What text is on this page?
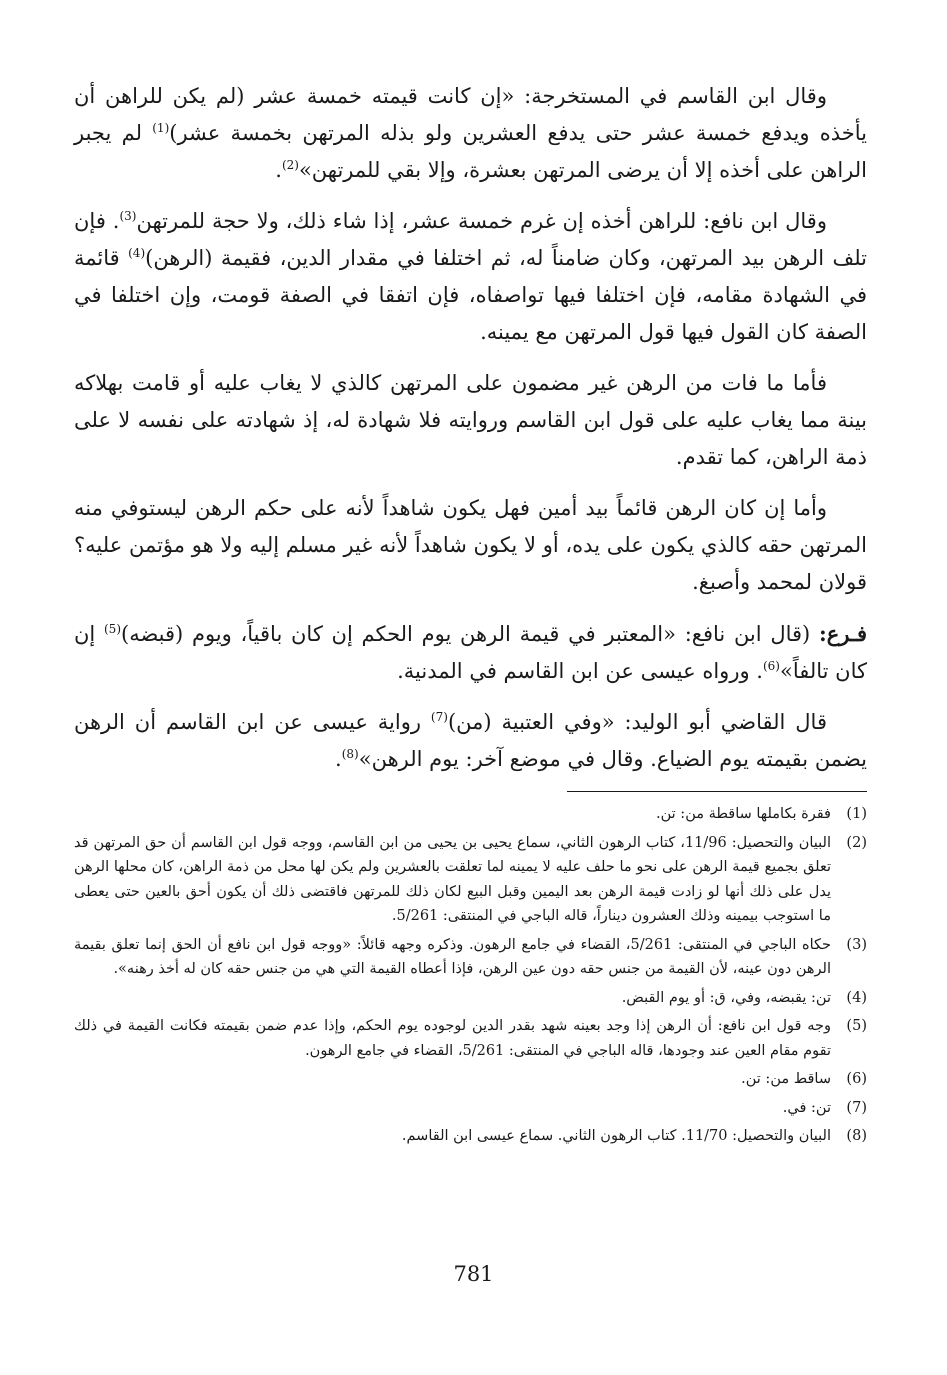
وقال ابن القاسم في المستخرجة: «إن كانت قيمته خمسة عشر (لم يكن للراهن أن يأخذه ويدفع خمسة عشر حتى يدفع العشرين ولو بذله المرتهن بخمسة عشر)$^{(1)}$ لم يجبر الراهن على أخذه إلا أن يرضى المرتهن بعشرة، وإلا بقي للمرتهن»$^{(2)}$.

وقال ابن نافع: للراهن أخذه إن غرم خمسة عشر، إذا شاء ذلك، ولا حجة للمرتهن$^{(3)}$. فإن تلف الرهن بيد المرتهن، وكان ضامناً له، ثم اختلفا في مقدار الدين، فقيمة (الرهن)$^{(4)}$ قائمة في الشهادة مقامه، فإن اختلفا فيها تواصفاه، فإن اتفقا في الصفة قومت، وإن اختلفا في الصفة كان القول فيها قول المرتهن مع يمينه.

فأما ما فات من الرهن غير مضمون على المرتهن كالذي لا يغاب عليه أو قامت بهلاكه بينة مما يغاب عليه على قول ابن القاسم وروايته فلا شهادة له، إذ شهادته على نفسه لا على ذمة الراهن، كما تقدم.

وأما إن كان الرهن قائماً بيد أمين فهل يكون شاهداً لأنه على حكم الرهن ليستوفي منه المرتهن حقه كالذي يكون على يده، أو لا يكون شاهداً لأنه غير مسلم إليه ولا هو مؤتمن عليه؟ قولان لمحمد وأصبغ.

فـرع: (قال ابن نافع: «المعتبر في قيمة الرهن يوم الحكم إن كان باقياً، ويوم (قبضه)$^{(5)}$ إن كان تالفاً»$^{(6)}$. ورواه عيسى عن ابن القاسم في المدنية.

قال القاضي أبو الوليد: «وفي العتبية (من)$^{(7)}$ رواية عيسى عن ابن القاسم أن الرهن يضمن بقيمته يوم الضياع. وقال في موضع آخر: يوم الرهن»$^{(8)}$.

(1)
فقرة بكاملها ساقطة من: تن.
(2)
البيان والتحصيل: 11/96، كتاب الرهون الثاني، سماع يحيى بن يحيى من ابن القاسم، ووجه قول ابن القاسم أن حق المرتهن قد تعلق بجميع قيمة الرهن على نحو ما حلف عليه لا يمينه لما تعلقت بالعشرين ولم يكن لها محل من ذمة الراهن، كان محلها الرهن يدل على ذلك أنها لو زادت قيمة الرهن بعد اليمين وقبل البيع لكان ذلك للمرتهن فاقتضى ذلك أن يكون أحق بالعين حتى يعطى ما استوجب بيمينه وذلك العشرون ديناراً، قاله الباجي في المنتقى: 5/261.
(3)
حكاه الباجي في المنتقى: 5/261، القضاء في جامع الرهون. وذكره وجهه قائلاً: «ووجه قول ابن نافع أن الحق إنما تعلق بقيمة الرهن دون عينه، لأن القيمة من جنس حقه دون عين الرهن، فإذا أعطاه القيمة التي هي من جنس حقه كان له أخذ رهنه».
(4)
تن: يقبضه، وفي، ق: أو يوم القبض.
(5)
وجه قول ابن نافع: أن الرهن إذا وجد بعينه شهد بقدر الدين لوجوده يوم الحكم، وإذا عدم ضمن بقيمته فكانت القيمة في ذلك تقوم مقام العين عند وجودها، قاله الباجي في المنتقى: 5/261، القضاء في جامع الرهون.
(6)
ساقط من: تن.
(7)
تن: في.
(8)
البيان والتحصيل: 11/70. كتاب الرهون الثاني. سماع عيسى ابن القاسم.
781
